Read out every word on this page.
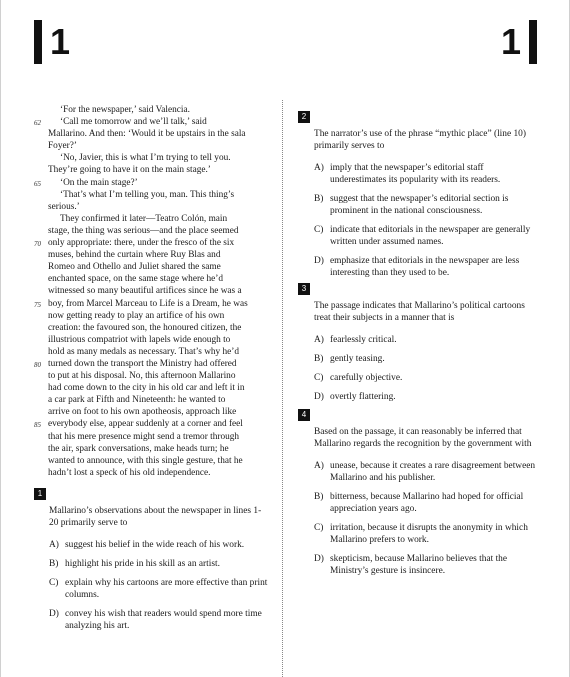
1	1
‘For the newspaper,’ said Valencia.
62 ‘Call me tomorrow and we’ll talk,’ said
Mallarino. And then: ‘Would it be upstairs in the sala
Foyer?’
‘No, Javier, this is what I’m trying to tell you.
They’re going to have it on the main stage.’
65 ‘On the main stage?’
‘That’s what I’m telling you, man. This thing’s
serious.’
They confirmed it later—Teatro Colón, main
stage, the thing was serious—and the place seemed
70 only appropriate: there, under the fresco of the six
muses, behind the curtain where Ruy Blas and
Romeo and Othello and Juliet shared the same
enchanted space, on the same stage where he’d
witnessed so many beautiful artifices since he was a
75 boy, from Marcel Marceau to Life is a Dream, he was
now getting ready to play an artifice of his own
creation: the favoured son, the honoured citizen, the
illustrious compatriot with lapels wide enough to
hold as many medals as necessary. That’s why he’d
80 turned down the transport the Ministry had offered
to put at his disposal. No, this afternoon Mallarino
had come down to the city in his old car and left it in
a car park at Fifth and Nineteenth: he wanted to
arrive on foot to his own apotheosis, approach like
85 everybody else, appear suddenly at a corner and feel
that his mere presence might send a tremor through
the air, spark conversations, make heads turn; he
wanted to announce, with this single gesture, that he
hadn’t lost a speck of his old independence.
1
Mallarino’s observations about the newspaper in lines 1-20 primarily serve to
A) suggest his belief in the wide reach of his work.
B) highlight his pride in his skill as an artist.
C) explain why his cartoons are more effective than print columns.
D) convey his wish that readers would spend more time analyzing his art.
2
The narrator’s use of the phrase “mythic place” (line 10) primarily serves to
A) imply that the newspaper’s editorial staff underestimates its popularity with its readers.
B) suggest that the newspaper’s editorial section is prominent in the national consciousness.
C) indicate that editorials in the newspaper are generally written under assumed names.
D) emphasize that editorials in the newspaper are less interesting than they used to be.
3
The passage indicates that Mallarino’s political cartoons treat their subjects in a manner that is
A) fearlessly critical.
B) gently teasing.
C) carefully objective.
D) overtly flattering.
4
Based on the passage, it can reasonably be inferred that Mallarino regards the recognition by the government with
A) unease, because it creates a rare disagreement between Mallarino and his publisher.
B) bitterness, because Mallarino had hoped for official appreciation years ago.
C) irritation, because it disrupts the anonymity in which Mallarino prefers to work.
D) skepticism, because Mallarino believes that the Ministry’s gesture is insincere.
